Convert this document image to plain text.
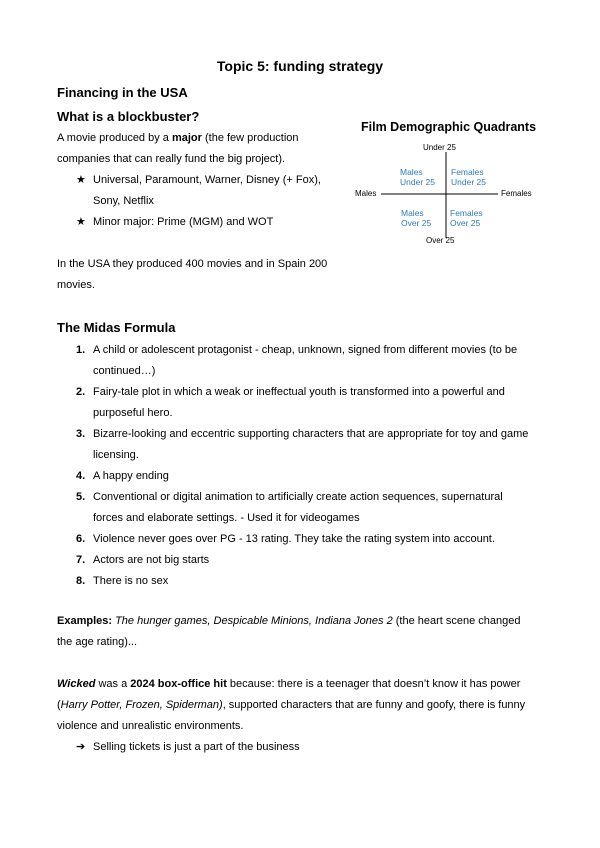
Topic 5: funding strategy
Financing in the USA
What is a blockbuster?
A movie produced by a major (the few production
companies that can really fund the big project).
★ Universal, Paramount, Warner, Disney (+ Fox),
Sony, Netflix
★ Minor major: Prime (MGM) and WOT
In the USA they produced 400 movies and in Spain 200
movies.
Film Demographic Quadrants
Under 25
Over 25
Males	Females
Males
Under 25
Females
Under 25
Males
Over 25
Females
Over 25
The Midas Formula
1. A child or adolescent protagonist - cheap, unknown, signed from different movies (to be
continued…)
2. Fairy-tale plot in which a weak or ineffectual youth is transformed into a powerful and
purposeful hero.
3. Bizarre-looking and eccentric supporting characters that are appropriate for toy and game
licensing.
4. A happy ending
5. Conventional or digital animation to artificially create action sequences, supernatural
forces and elaborate settings. - Used it for videogames
6. Violence never goes over PG - 13 rating. They take the rating system into account.
7. Actors are not big starts
8. There is no sex
Examples: The hunger games, Despicable Minions, Indiana Jones 2 (the heart scene changed
the age rating)...
Wicked was a 2024 box-office hit because: there is a teenager that doesn’t know it has power
(Harry Potter, Frozen, Spiderman), supported characters that are funny and goofy, there is funny
violence and unrealistic environments.
➔ Selling tickets is just a part of the business
